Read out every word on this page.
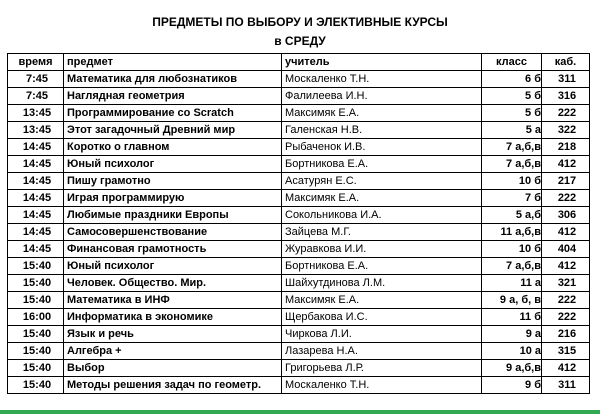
ПРЕДМЕТЫ ПО ВЫБОРУ И ЭЛЕКТИВНЫЕ КУРСЫ
в СРЕДУ
время	предмет	учитель	класс	каб.
7:45	Математика для любознатиков	Москаленко Т.Н.	6 б	311
7:45	Наглядная геометрия	Фалилеева И.Н.	5 б	316
13:45	Программирование со Scratch	Максимяк Е.А.	5 б	222
13:45	Этот загадочный Древний мир	Галенская Н.В.	5 а	322
14:45	Коротко о главном	Рыбаченок И.В.	7 а,б,в	218
14:45	Юный психолог	Бортникова Е.А.	7 а,б,в	412
14:45	Пишу грамотно	Асатурян Е.С.	10 б	217
14:45	Играя программирую	Максимяк Е.А.	7 б	222
14:45	Любимые праздники Европы	Сокольникова И.А.	5 а,б	306
14:45	Самосовершенствование	Зайцева М.Г.	11 а,б,в	412
14:45	Финансовая грамотность	Журавкова И.И.	10 б	404
15:40	Юный психолог	Бортникова Е.А.	7 а,б,в	412
15:40	Человек. Общество. Мир.	Шайхутдинова Л.М.	11 а	321
15:40	Математика в ИНФ	Максимяк Е.А.	9 а, б, в	222
16:00	Информатика в экономике	Щербакова И.С.	11 б	222
15:40	Язык и речь	Чиркова Л.И.	9 а	216
15:40	Алгебра +	Лазарева Н.А.	10 а	315
15:40	Выбор	Григорьева Л.Р.	9 а,б,в	412
15:40	Методы решения задач по геометр.	Москаленко Т.Н.	9 б	311
